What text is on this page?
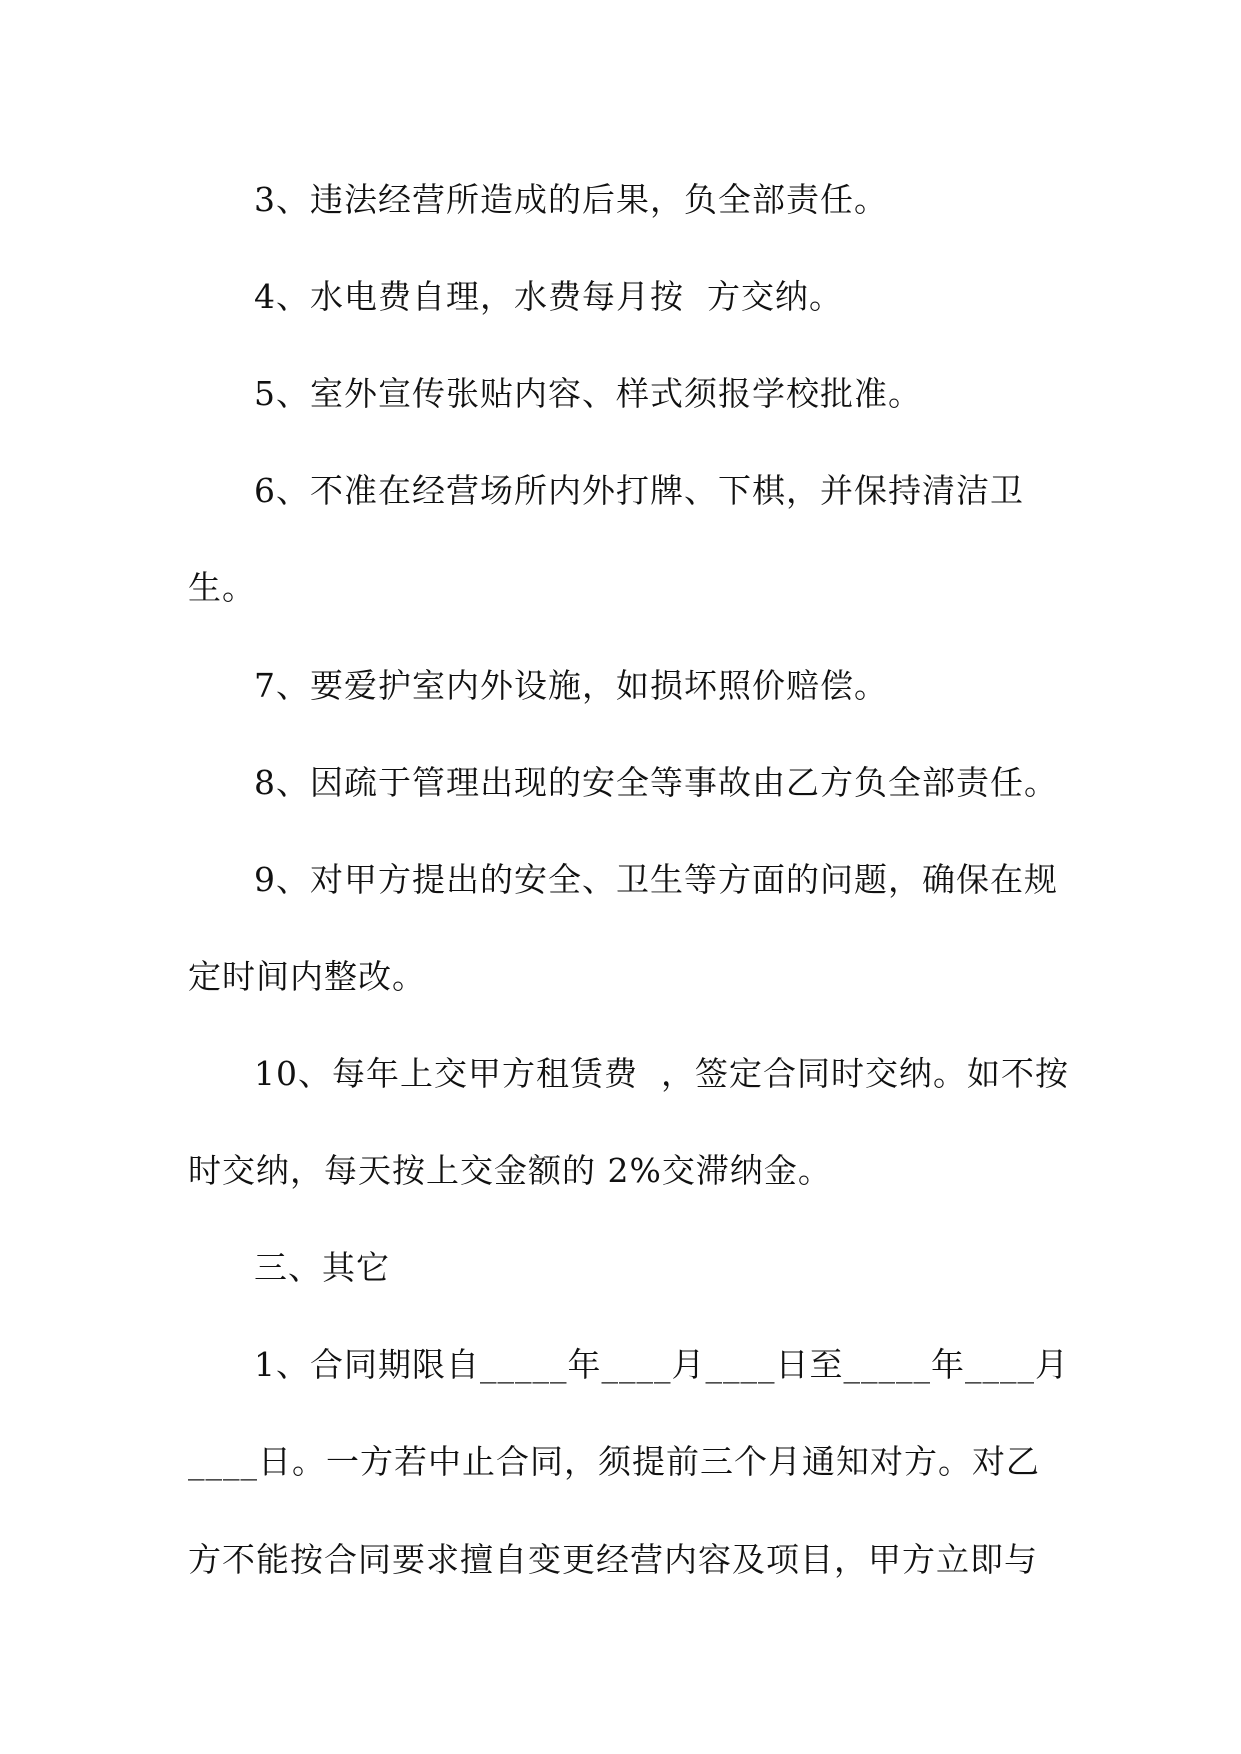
3、违法经营所造成的后果，负全部责任。
4、水电费自理，水费每月按  方交纳。
5、室外宣传张贴内容、样式须报学校批准。
6、不准在经营场所内外打牌、下棋，并保持清洁卫
生。
7、要爱护室内外设施，如损坏照价赔偿。
8、因疏于管理出现的安全等事故由乙方负全部责任。
9、对甲方提出的安全、卫生等方面的问题，确保在规
定时间内整改。
10、每年上交甲方租赁费  ，签定合同时交纳。如不按
时交纳，每天按上交金额的 2%交滞纳金。
三、其它
1、合同期限自_____年____月____日至_____年____月
____日。一方若中止合同，须提前三个月通知对方。对乙
方不能按合同要求擅自变更经营内容及项目，甲方立即与
